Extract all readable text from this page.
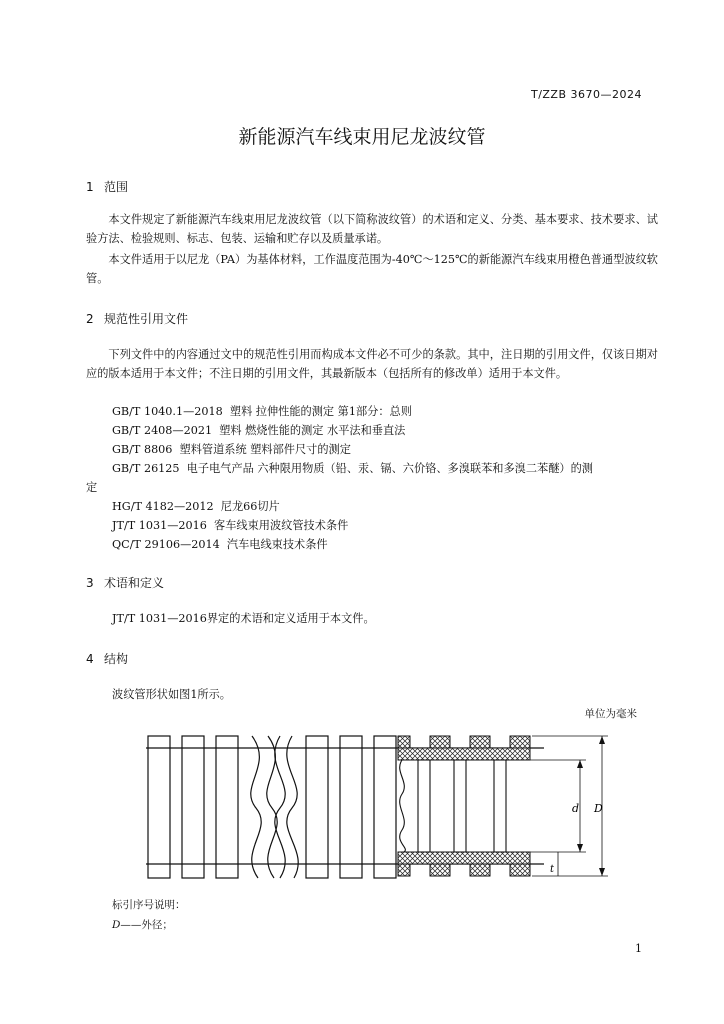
T/ZZB 3670—2024
新能源汽车线束用尼龙波纹管
1 范围
本文件规定了新能源汽车线束用尼龙波纹管（以下简称波纹管）的术语和定义、分类、基本要求、技术要求、试验方法、检验规则、标志、包装、运输和贮存以及质量承诺。
本文件适用于以尼龙（PA）为基体材料，工作温度范围为-40℃～125℃的新能源汽车线束用橙色普通型波纹软管。
2 规范性引用文件
下列文件中的内容通过文中的规范性引用而构成本文件必不可少的条款。其中，注日期的引用文件，仅该日期对应的版本适用于本文件；不注日期的引用文件，其最新版本（包括所有的修改单）适用于本文件。
GB/T 1040.1—2018 塑料 拉伸性能的测定 第1部分：总则
GB/T 2408—2021 塑料 燃烧性能的测定 水平法和垂直法
GB/T 8806 塑料管道系统 塑料部件尺寸的测定
GB/T 26125 电子电气产品 六种限用物质（铅、汞、镉、六价铬、多溴联苯和多溴二苯醚）的测
定
HG/T 4182—2012 尼龙66切片
JT/T 1031—2016 客车线束用波纹管技术条件
QC/T 29106—2014 汽车电线束技术条件
3 术语和定义
JT/T 1031—2016界定的术语和定义适用于本文件。
4 结构
波纹管形状如图1所示。
单位为毫米
d D
t
标引序号说明：
D——外径；
1
